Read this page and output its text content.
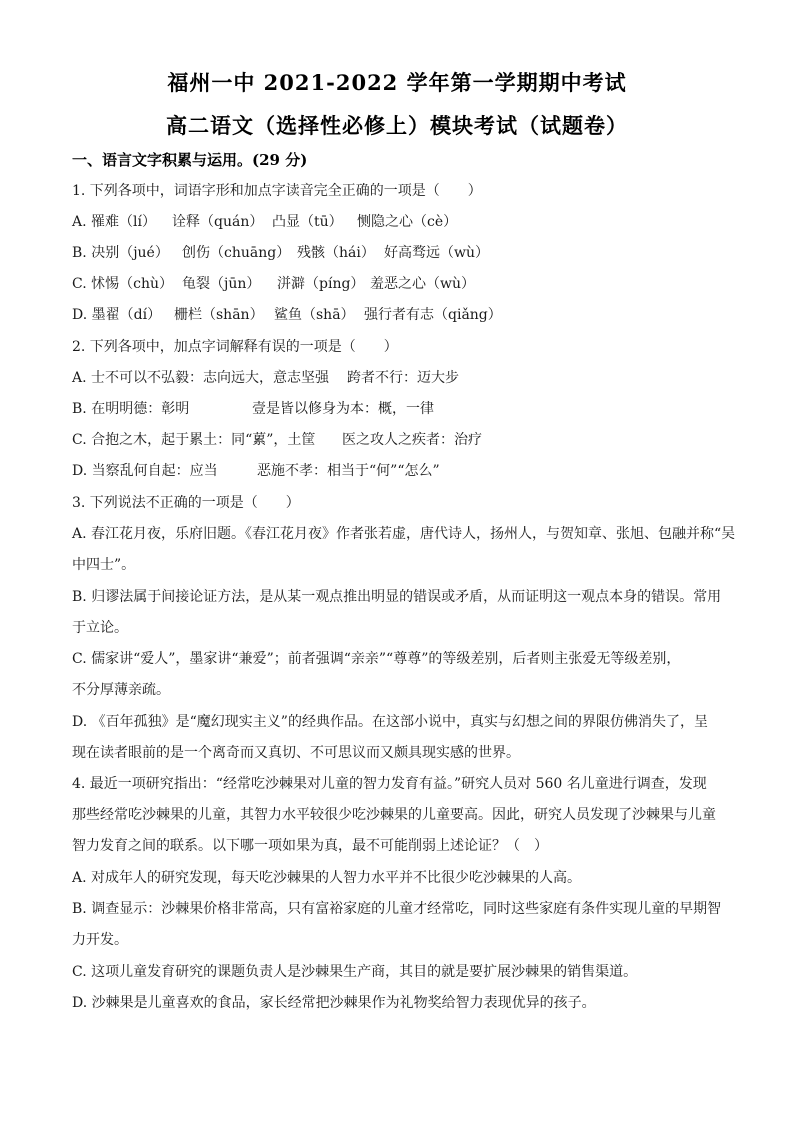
福州一中 2021-2022 学年第一学期期中考试
高二语文（选择性必修上）模块考试（试题卷）
一、语言文字积累与运用。(29 分)
1. 下列各项中，词语字形和加点字读音完全正确的一项是（　　）
A. 罹难（lí）	诠释（quán） 凸显（tū）	恻隐之心（cè）
B. 决别（jué） 创伤（chuāng） 残骸（hái） 好高骛远（wù）
C. 怵惕（chù） 龟裂（jūn）	洴澼（píng） 羞恶之心（wù）
D. 墨翟（dí） 栅栏（shān） 鲨鱼（shā） 强行者有志（qiǎng）
2. 下列各项中，加点字词解释有误的一项是（　　）
A. 士不可以不弘毅：志向远大，意志坚强	跨者不行：迈大步
B. 在明明德：彰明	壹是皆以修身为本：概，一律
C. 合抱之木，起于累土：同“蔂”，土筐	医之攻人之疾者：治疗
D. 当察乱何自起：应当	恶施不孝：相当于“何”“怎么”
3. 下列说法不正确的一项是（　　）
A. 春江花月夜，乐府旧题。《春江花月夜》作者张若虚，唐代诗人，扬州人，与贺知章、张旭、包融并称“吴
中四士”。
B. 归谬法属于间接论证方法，是从某一观点推出明显的错误或矛盾，从而证明这一观点本身的错误。常用
于立论。
C. 儒家讲“爱人”，墨家讲“兼爱”；前者强调“亲亲”“尊尊”的等级差别，后者则主张爱无等级差别，
不分厚薄亲疏。
D. 《百年孤独》是“魔幻现实主义”的经典作品。在这部小说中，真实与幻想之间的界限仿佛消失了，呈
现在读者眼前的是一个离奇而又真切、不可思议而又颇具现实感的世界。
4. 最近一项研究指出：“经常吃沙棘果对儿童的智力发育有益。”研究人员对 560 名儿童进行调查，发现
那些经常吃沙棘果的儿童，其智力水平较很少吃沙棘果的儿童要高。因此，研究人员发现了沙棘果与儿童
智力发育之间的联系。以下哪一项如果为真，最不可能削弱上述论证？（　）
A. 对成年人的研究发现，每天吃沙棘果的人智力水平并不比很少吃沙棘果的人高。
B. 调查显示：沙棘果价格非常高，只有富裕家庭的儿童才经常吃，同时这些家庭有条件实现儿童的早期智
力开发。
C. 这项儿童发育研究的课题负责人是沙棘果生产商，其目的就是要扩展沙棘果的销售渠道。
D. 沙棘果是儿童喜欢的食品，家长经常把沙棘果作为礼物奖给智力表现优异的孩子。
